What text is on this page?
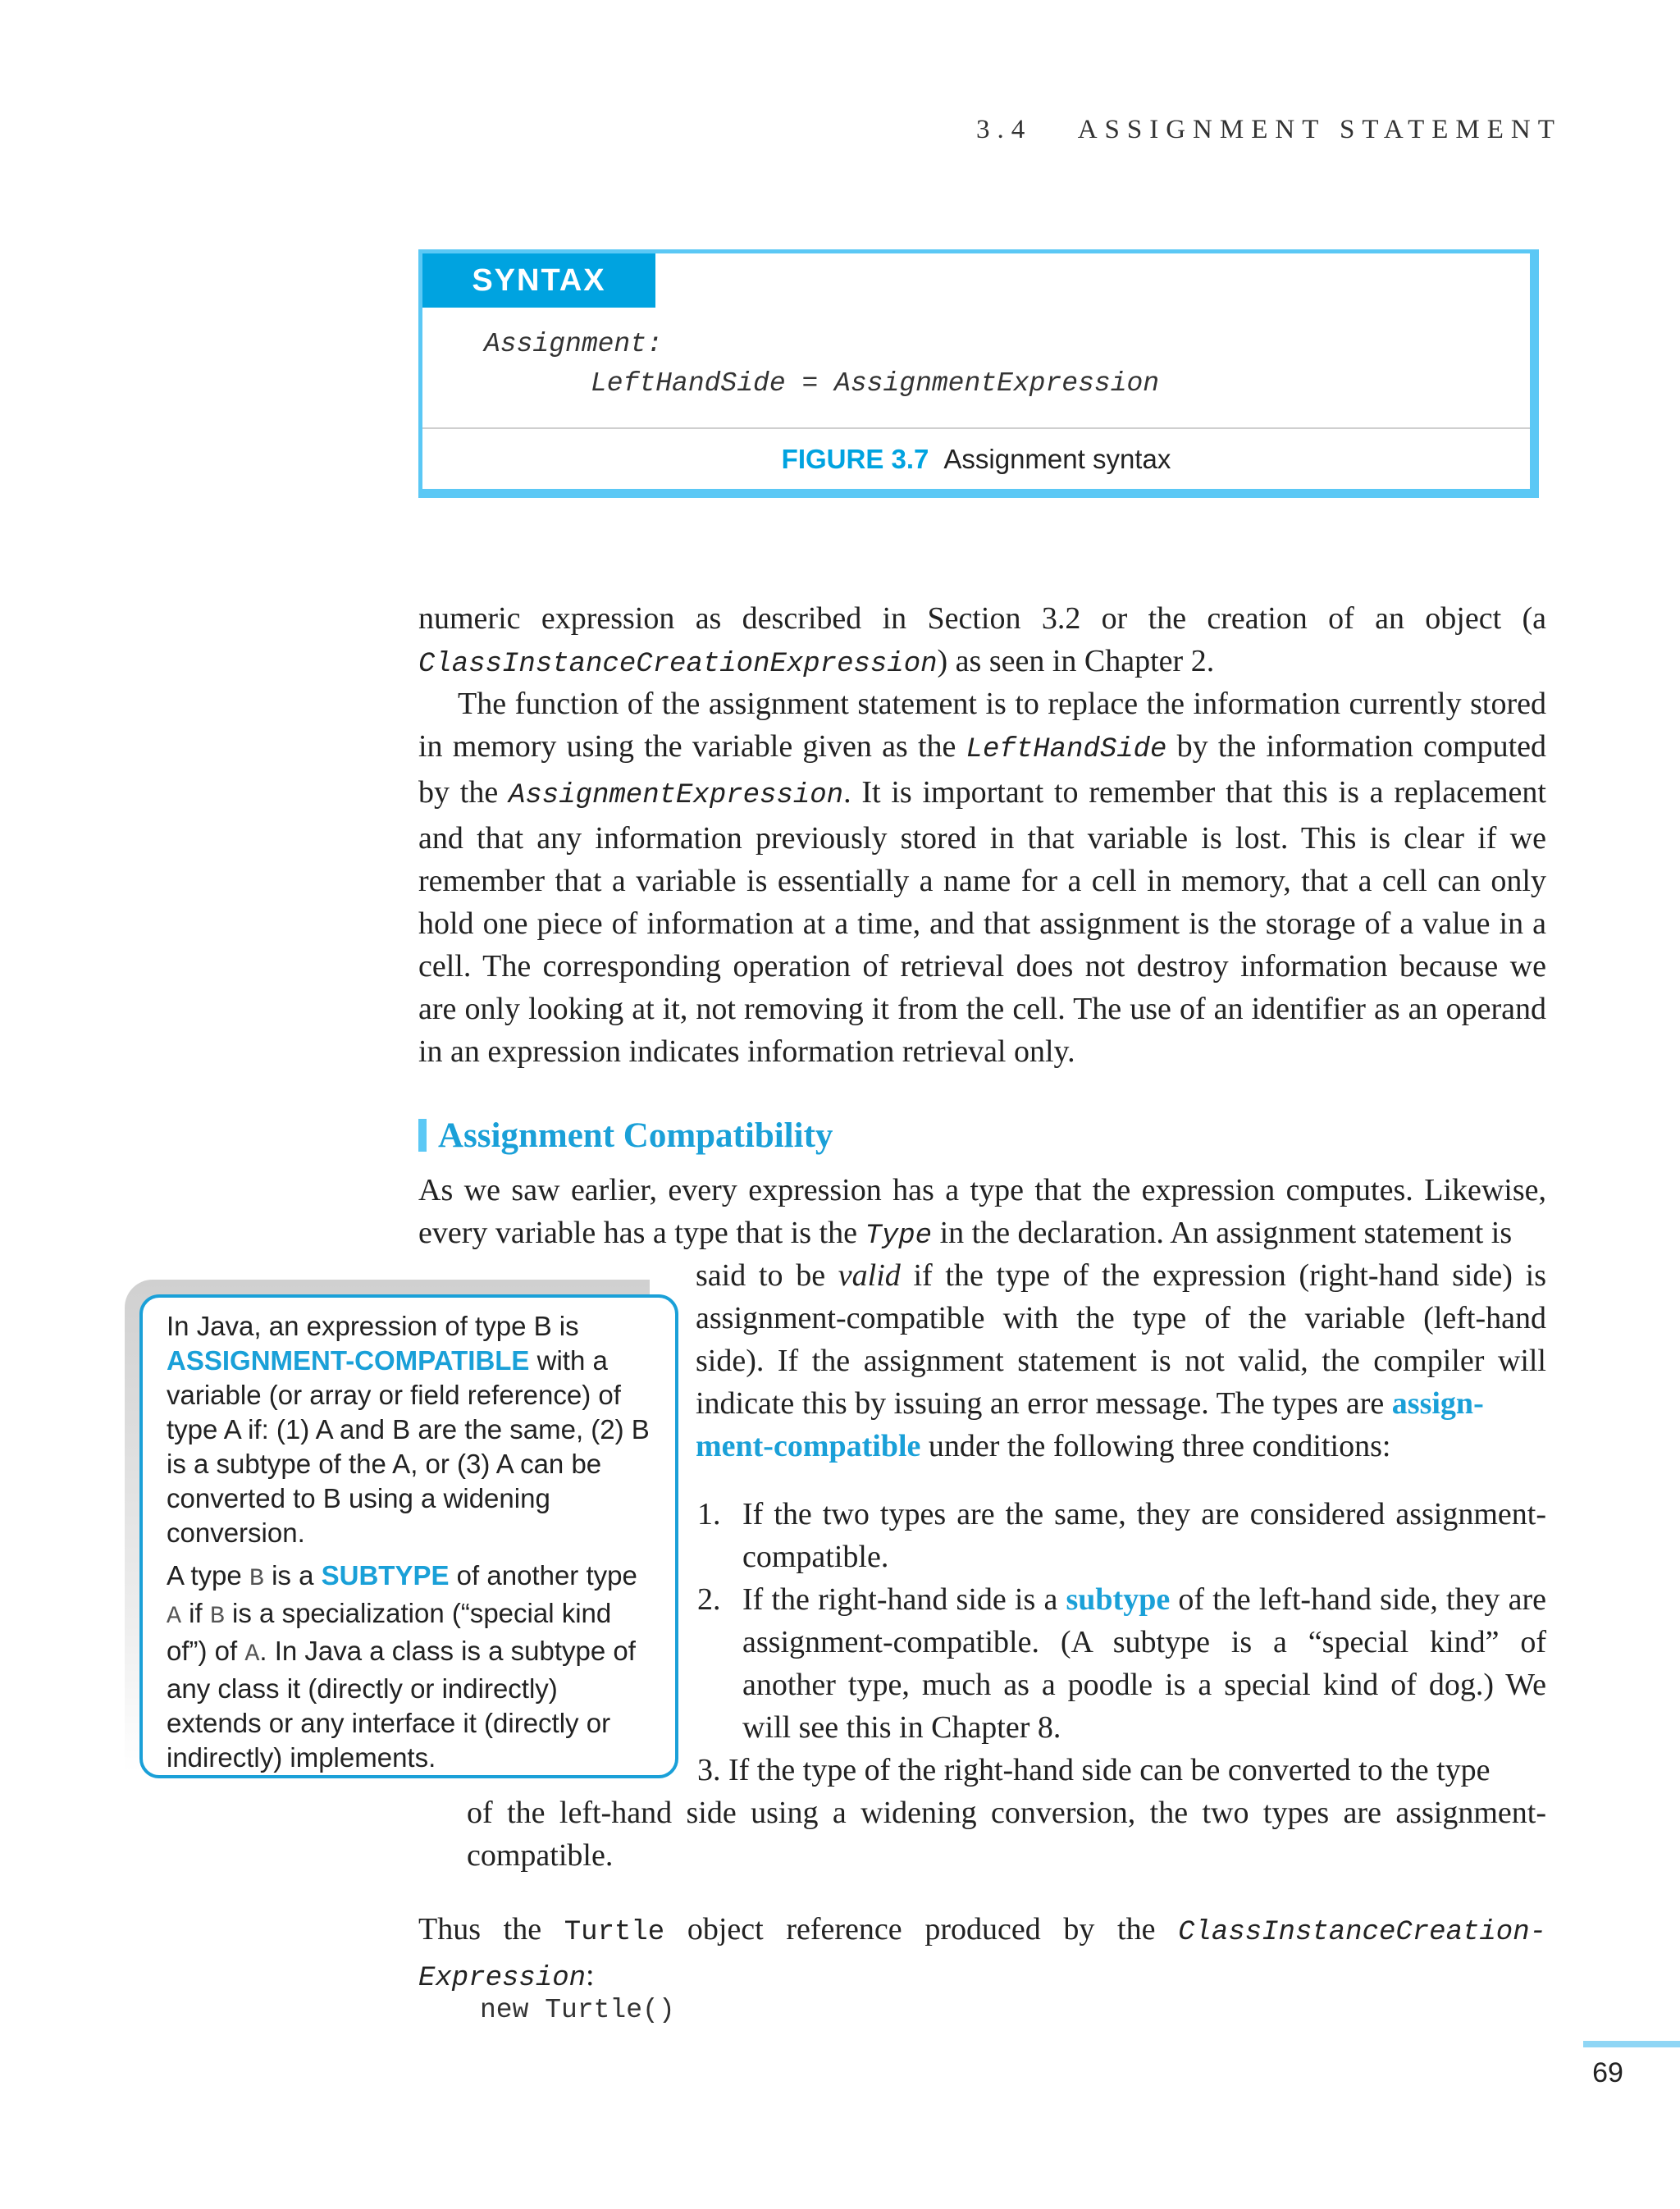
3.4 ASSIGNMENT STATEMENT
SYNTAX
Assignment:
LeftHandSide = AssignmentExpression
FIGURE 3.7 Assignment syntax
numeric expression as described in Section 3.2 or the creation of an object (a ClassInstanceCreationExpression) as seen in Chapter 2.
The function of the assignment statement is to replace the information currently stored in memory using the variable given as the LeftHandSide by the information computed by the AssignmentExpression. It is important to remember that this is a replacement and that any information previously stored in that variable is lost. This is clear if we remember that a variable is essentially a name for a cell in memory, that a cell can only hold one piece of information at a time, and that assignment is the storage of a value in a cell. The corresponding operation of retrieval does not destroy information because we are only looking at it, not removing it from the cell. The use of an identifier as an operand in an expression indicates information retrieval only.
Assignment Compatibility
As we saw earlier, every expression has a type that the expression computes. Likewise, every variable has a type that is the Type in the declaration. An assignment statement is
said to be valid if the type of the expression (right-hand side) is assignment-compatible with the type of the variable (left-hand side). If the assignment statement is not valid, the compiler will indicate this by issuing an error message. The types are assign-
ment-compatible under the following three conditions:

In Java, an expression of type B is ASSIGNMENT-COMPATIBLE with a variable (or array or field reference) of type A if: (1) A and B are the same, (2) B is a subtype of the A, or (3) A can be converted to B using a widening conversion.

A type B is a SUBTYPE of another type A if B is a specialization (“special kind of”) of A. In Java a class is a subtype of any class it (directly or indirectly) extends or any interface it (directly or indirectly) implements.

1. If the two types are the same, they are considered assignment-compatible.
2. If the right-hand side is a subtype of the left-hand side, they are assignment-compatible. (A subtype is a “special kind” of another type, much as a poodle is a special kind of dog.) We will see this in Chapter 8.
3. If the type of the right-hand side can be converted to the type
of the left-hand side using a widening conversion, the two types are assignment-compatible.
Thus the Turtle object reference produced by the ClassInstanceCreation-Expression:
new Turtle()
69
